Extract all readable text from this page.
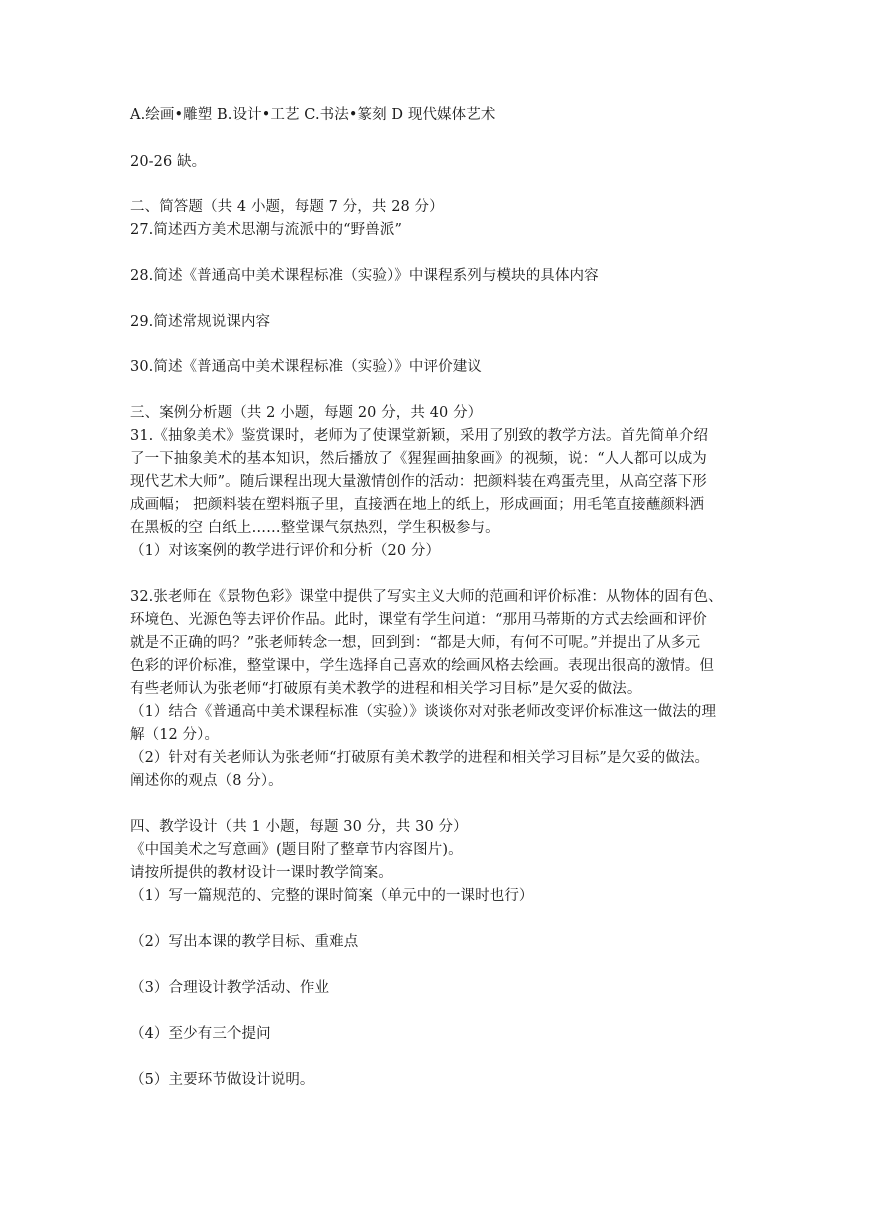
A.绘画•雕塑 B.设计•工艺 C.书法•篆刻 D 现代媒体艺术
20-26 缺。
二、简答题（共 4 小题，每题 7 分，共 28 分）
27.简述西方美术思潮与流派中的“野兽派”
28.简述《普通高中美术课程标准（实验）》中课程系列与模块的具体内容
29.简述常规说课内容
30.简述《普通高中美术课程标准（实验）》中评价建议
三、案例分析题（共 2 小题，每题 20 分，共 40 分）
31.《抽象美术》鉴赏课时，老师为了使课堂新颖，采用了别致的教学方法。首先简单介绍
了一下抽象美术的基本知识，然后播放了《猩猩画抽象画》的视频，说：“人人都可以成为
现代艺术大师”。随后课程出现大量激情创作的活动：把颜料装在鸡蛋壳里，从高空落下形
成画幅； 把颜料装在塑料瓶子里，直接洒在地上的纸上，形成画面；用毛笔直接蘸颜料洒
在黑板的空 白纸上……整堂课气氛热烈，学生积极参与。
（1）对该案例的教学进行评价和分析（20 分）
32.张老师在《景物色彩》课堂中提供了写实主义大师的范画和评价标准：从物体的固有色、
环境色、光源色等去评价作品。此时，课堂有学生问道：“那用马蒂斯的方式去绘画和评价
就是不正确的吗？”张老师转念一想，回到到：“都是大师，有何不可呢。”并提出了从多元
色彩的评价标准，整堂课中，学生选择自己喜欢的绘画风格去绘画。表现出很高的激情。但
有些老师认为张老师“打破原有美术教学的进程和相关学习目标”是欠妥的做法。
（1）结合《普通高中美术课程标准（实验）》谈谈你对对张老师改变评价标准这一做法的理
解（12 分）。
（2）针对有关老师认为张老师“打破原有美术教学的进程和相关学习目标”是欠妥的做法。
阐述你的观点（8 分）。
四、教学设计（共 1 小题，每题 30 分，共 30 分）
《中国美术之写意画》(题目附了整章节内容图片)。
请按所提供的教材设计一课时教学简案。
（1）写一篇规范的、完整的课时简案（单元中的一课时也行）
（2）写出本课的教学目标、重难点
（3）合理设计教学活动、作业
（4）至少有三个提问
（5）主要环节做设计说明。
